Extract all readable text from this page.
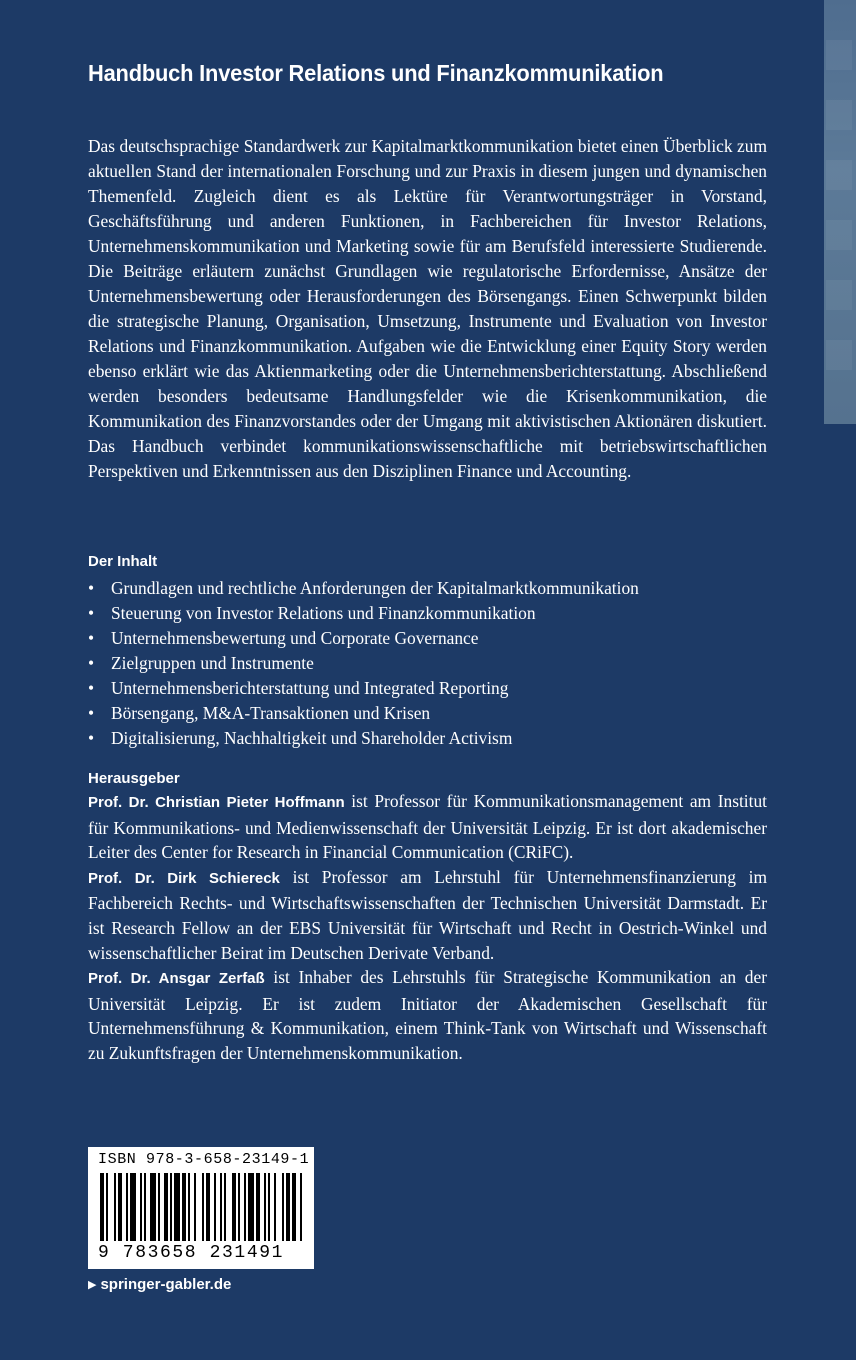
Handbuch Investor Relations und Finanzkommunikation
Das deutschsprachige Standardwerk zur Kapitalmarktkommunikation bietet einen Überblick zum aktuellen Stand der internationalen Forschung und zur Praxis in diesem jungen und dynamischen Themenfeld. Zugleich dient es als Lektüre für Verantwortungsträger in Vorstand, Geschäftsführung und anderen Funktionen, in Fachbereichen für Investor Relations, Unternehmenskommunikation und Marketing sowie für am Berufsfeld interessierte Studierende. Die Beiträge erläutern zunächst Grundlagen wie regulatorische Erfordernisse, Ansätze der Unternehmensbewertung oder Herausforderungen des Börsengangs. Einen Schwerpunkt bilden die strategische Planung, Organisation, Umsetzung, Instrumente und Evaluation von Investor Relations und Finanzkommunikation. Aufgaben wie die Entwicklung einer Equity Story werden ebenso erklärt wie das Aktienmarketing oder die Unternehmensberichterstattung. Abschließend werden besonders bedeutsame Handlungsfelder wie die Krisenkommunikation, die Kommunikation des Finanzvorstandes oder der Umgang mit aktivistischen Aktionären diskutiert. Das Handbuch verbindet kommunikationswissenschaftliche mit betriebswirtschaftlichen Perspektiven und Erkenntnissen aus den Disziplinen Finance und Accounting.
Der Inhalt
• Grundlagen und rechtliche Anforderungen der Kapitalmarktkommunikation
• Steuerung von Investor Relations und Finanzkommunikation
• Unternehmensbewertung und Corporate Governance
• Zielgruppen und Instrumente
• Unternehmensberichterstattung und Integrated Reporting
• Börsengang, M&A-Transaktionen und Krisen
• Digitalisierung, Nachhaltigkeit und Shareholder Activism
Herausgeber
Prof. Dr. Christian Pieter Hoffmann ist Professor für Kommunikationsmanagement am Institut für Kommunikations- und Medienwissenschaft der Universität Leipzig. Er ist dort akademischer Leiter des Center for Research in Financial Communication (CRiFC).
Prof. Dr. Dirk Schiereck ist Professor am Lehrstuhl für Unternehmensfinanzierung im Fachbereich Rechts- und Wirtschaftswissenschaften der Technischen Universität Darmstadt. Er ist Research Fellow an der EBS Universität für Wirtschaft und Recht in Oestrich-Winkel und wissenschaftlicher Beirat im Deutschen Derivate Verband.
Prof. Dr. Ansgar Zerfaß ist Inhaber des Lehrstuhls für Strategische Kommunikation an der Universität Leipzig. Er ist zudem Initiator der Akademischen Gesellschaft für Unternehmensführung & Kommunikation, einem Think-Tank von Wirtschaft und Wissenschaft zu Zukunftsfragen der Unternehmenskommunikation.
ISBN 978-3-658-23149-1
9 783658 231491
▶ springer-gabler.de
